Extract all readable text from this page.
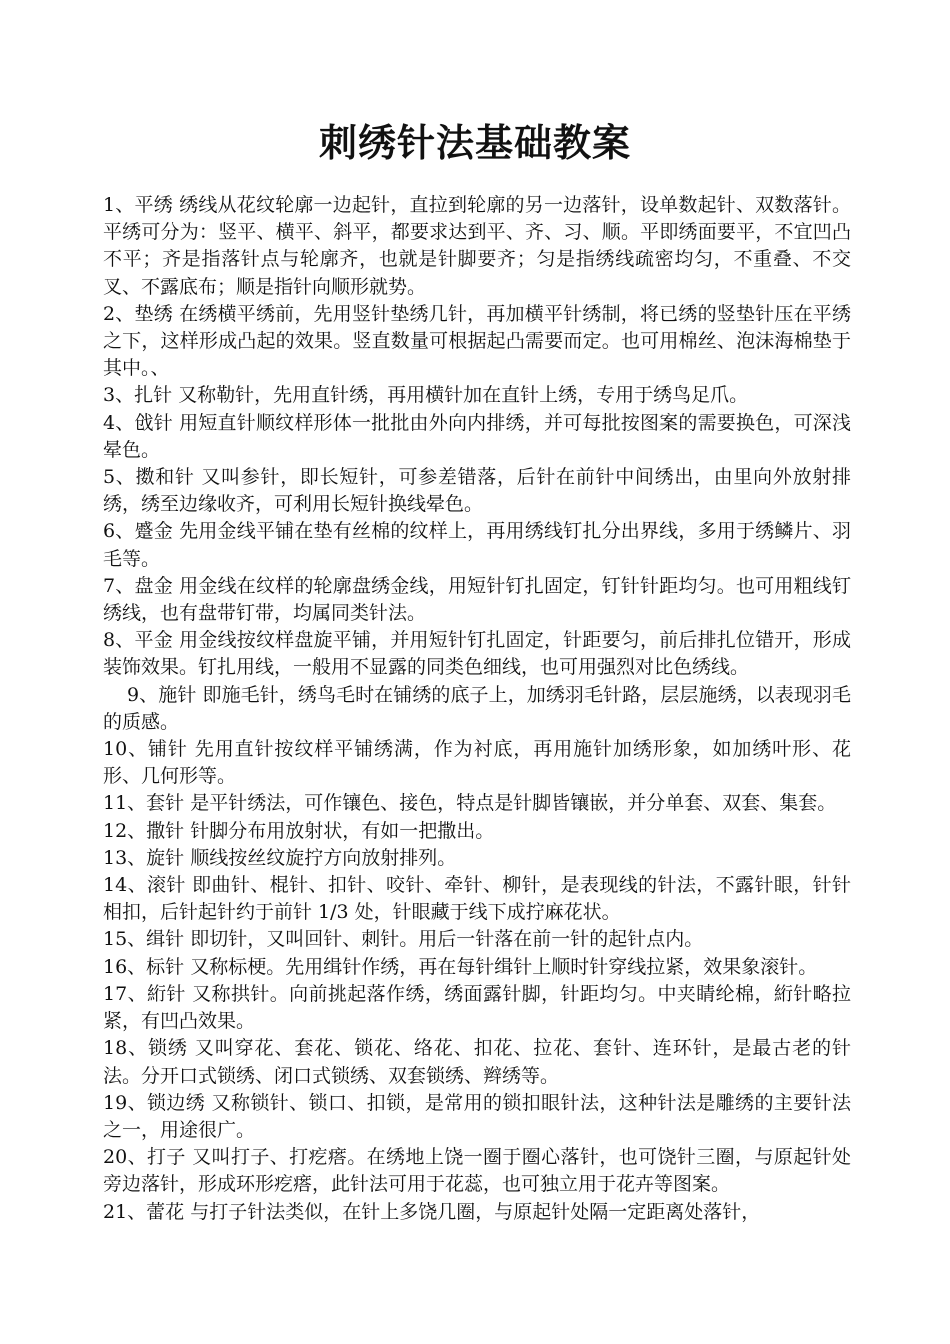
刺绣针法基础教案

1、平绣 绣线从花纹轮廓一边起针，直拉到轮廓的另一边落针，设单数起针、双数落针。平绣可分为：竖平、横平、斜平，都要求达到平、齐、习、顺。平即绣面要平，不宜凹凸不平；齐是指落针点与轮廓齐，也就是针脚要齐；匀是指绣线疏密均匀，不重叠、不交叉、不露底布；顺是指针向顺形就势。

2、垫绣 在绣横平绣前，先用竖针垫绣几针，再加横平针绣制，将已绣的竖垫针压在平绣之下，这样形成凸起的效果。竖直数量可根据起凸需要而定。也可用棉丝、泡沫海棉垫于其中。、

3、扎针 又称勒针，先用直针绣，再用横针加在直针上绣，专用于绣鸟足爪。

4、戗针 用短直针顺纹样形体一批批由外向内排绣，并可每批按图案的需要换色，可深浅晕色。

5、擞和针 又叫参针，即长短针，可参差错落，后针在前针中间绣出，由里向外放射排绣，绣至边缘收齐，可利用长短针换线晕色。

6、蹙金 先用金线平铺在垫有丝棉的纹样上，再用绣线钉扎分出界线，多用于绣鳞片、羽毛等。

7、盘金 用金线在纹样的轮廓盘绣金线，用短针钉扎固定，钉针针距均匀。也可用粗线钉绣线，也有盘带钉带，均属同类针法。

8、平金 用金线按纹样盘旋平铺，并用短针钉扎固定，针距要匀，前后排扎位错开，形成装饰效果。钉扎用线，一般用不显露的同类色细线，也可用强烈对比色绣线。

9、施针 即施毛针，绣鸟毛时在铺绣的底子上，加绣羽毛针路，层层施绣，以表现羽毛的质感。

10、铺针 先用直针按纹样平铺绣满，作为衬底，再用施针加绣形象，如加绣叶形、花形、几何形等。

11、套针 是平针绣法，可作镶色、接色，特点是针脚皆镶嵌，并分单套、双套、集套。

12、撒针 针脚分布用放射状，有如一把撒出。

13、旋针 顺线按丝纹旋拧方向放射排列。

14、滚针 即曲针、棍针、扣针、咬针、牵针、柳针，是表现线的针法，不露针眼，针针相扣，后针起针约于前针 1/3 处，针眼藏于线下成拧麻花状。

15、缉针 即切针，又叫回针、刺针。用后一针落在前一针的起针点内。

16、标针 又称标梗。先用缉针作绣，再在每针缉针上顺时针穿线拉紧，效果象滚针。

17、絎针 又称拱针。向前挑起落作绣，绣面露针脚，针距均匀。中夹睛纶棉，絎针略拉紧，有凹凸效果。

18、锁绣 又叫穿花、套花、锁花、络花、扣花、拉花、套针、连环针，是最古老的针法。分开口式锁绣、闭口式锁绣、双套锁绣、辫绣等。

19、锁边绣 又称锁针、锁口、扣锁，是常用的锁扣眼针法，这种针法是雕绣的主要针法之一，用途很广。

20、打子 又叫打子、打疙瘩。在绣地上饶一圈于圈心落针，也可饶针三圈，与原起针处旁边落针，形成环形疙瘩，此针法可用于花蕊，也可独立用于花卉等图案。

21、蕾花 与打子针法类似，在针上多饶几圈，与原起针处隔一定距离处落针，
